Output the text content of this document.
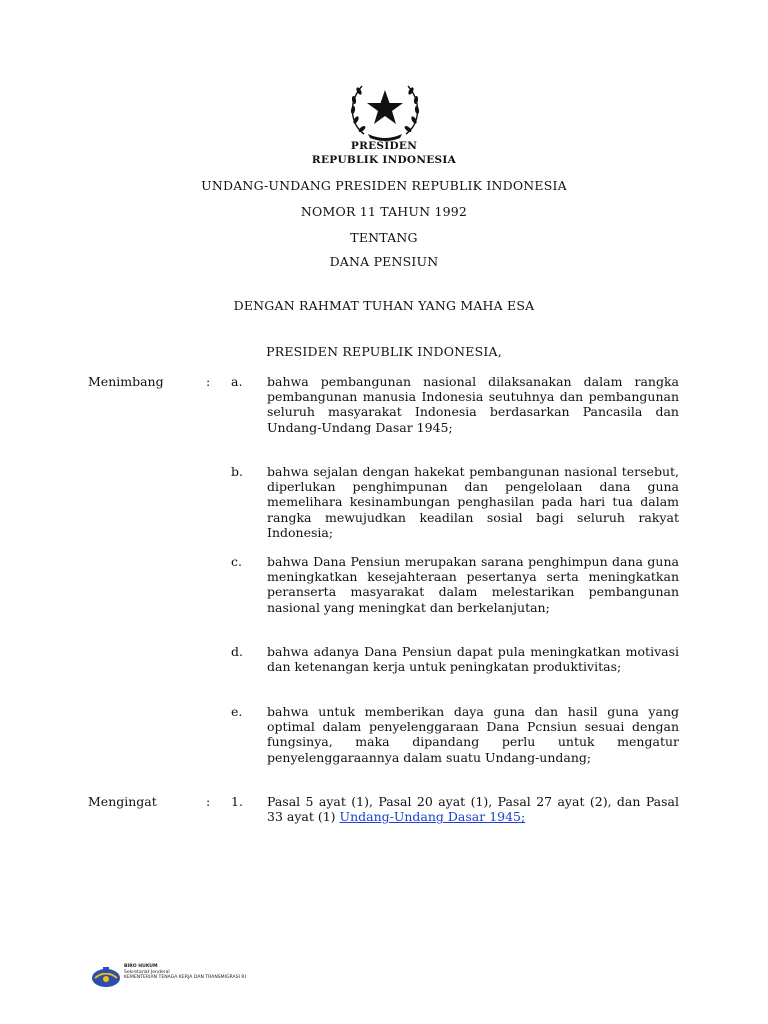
PRESIDEN
REPUBLIK INDONESIA
UNDANG-UNDANG PRESIDEN REPUBLIK INDONESIA
NOMOR 11 TAHUN 1992
TENTANG
DANA PENSIUN
DENGAN RAHMAT TUHAN YANG MAHA ESA
PRESIDEN REPUBLIK INDONESIA,
Menimbang	: a. bahwa pembangunan nasional dilaksanakan dalam rangka pembangunan manusia Indonesia seutuhnya dan pembangunan seluruh masyarakat Indonesia berdasarkan Pancasila dan Undang-Undang Dasar 1945;
b. bahwa sejalan dengan hakekat pembangunan nasional tersebut, diperlukan penghimpunan dan pengelolaan dana guna memelihara kesinambungan penghasilan pada hari tua dalam rangka mewujudkan keadilan sosial bagi seluruh rakyat Indonesia;
c. bahwa Dana Pensiun merupakan sarana penghimpun dana guna meningkatkan kesejahteraan pesertanya serta meningkatkan peranserta masyarakat dalam melestarikan pembangunan nasional yang meningkat dan berkelanjutan;
d. bahwa adanya Dana Pensiun dapat pula meningkatkan motivasi dan ketenangan kerja untuk peningkatan produktivitas;
e. bahwa untuk memberikan daya guna dan hasil guna yang optimal dalam penyelenggaraan Dana Pcnsiun sesuai dengan fungsinya, maka dipandang perlu untuk mengatur penyelenggaraannya dalam suatu Undang-undang;
Mengingat	: 1. Pasal 5 ayat (1), Pasal 20 ayat (1), Pasal 27 ayat (2), dan Pasal 33 ayat (1) Undang-Undang Dasar 1945;
BIRO HUKUM
Sekretariat Jenderal
KEMENTERIAN TENAGA KERJA DAN TRANSMIGRASI RI
